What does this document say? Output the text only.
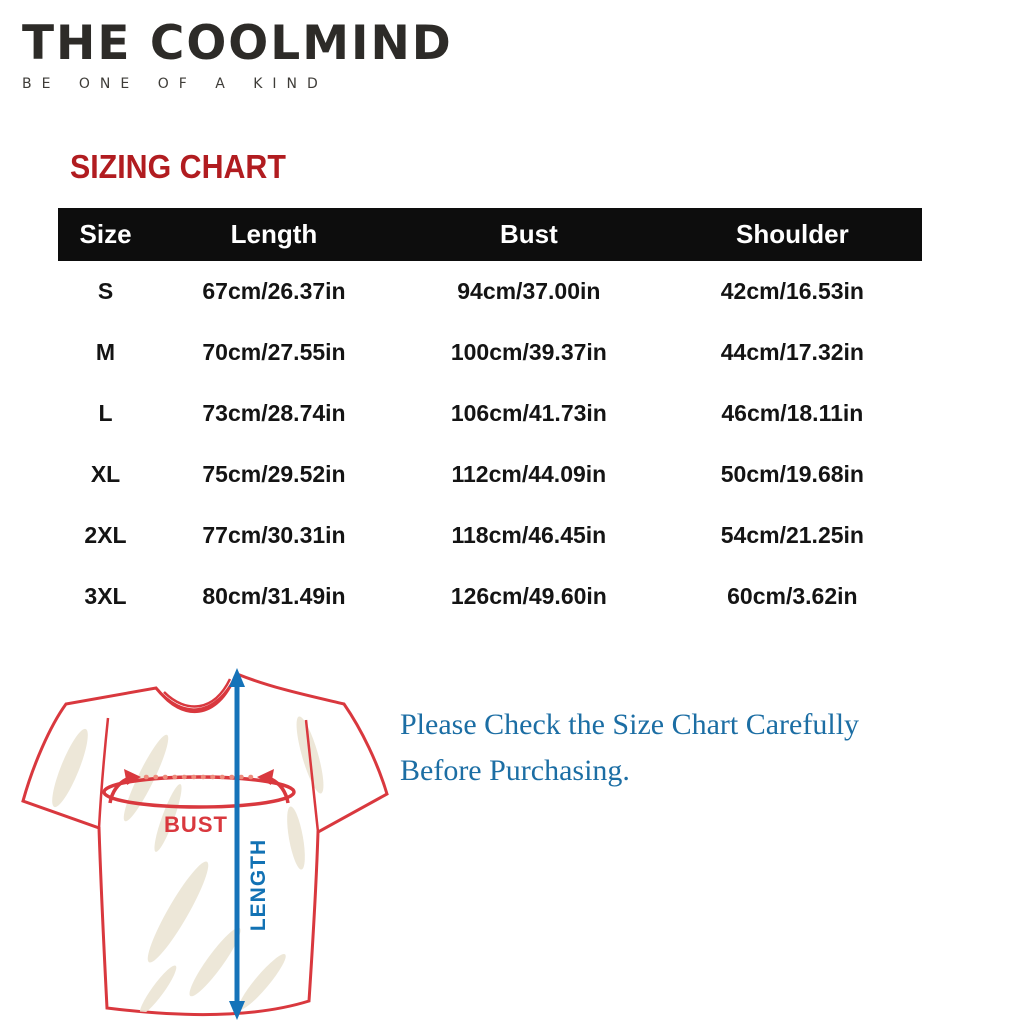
THE COOLMIND
BE ONE OF A KIND
SIZING CHART
Size	Length	Bust	Shoulder
S	67cm/26.37in	94cm/37.00in	42cm/16.53in
M	70cm/27.55in	100cm/39.37in	44cm/17.32in
L	73cm/28.74in	106cm/41.73in	46cm/18.11in
XL	75cm/29.52in	112cm/44.09in	50cm/19.68in
2XL	77cm/30.31in	118cm/46.45in	54cm/21.25in
3XL	80cm/31.49in	126cm/49.60in	60cm/3.62in
BUST
LENGTH
Please Check the Size Chart Carefully
Before Purchasing.
